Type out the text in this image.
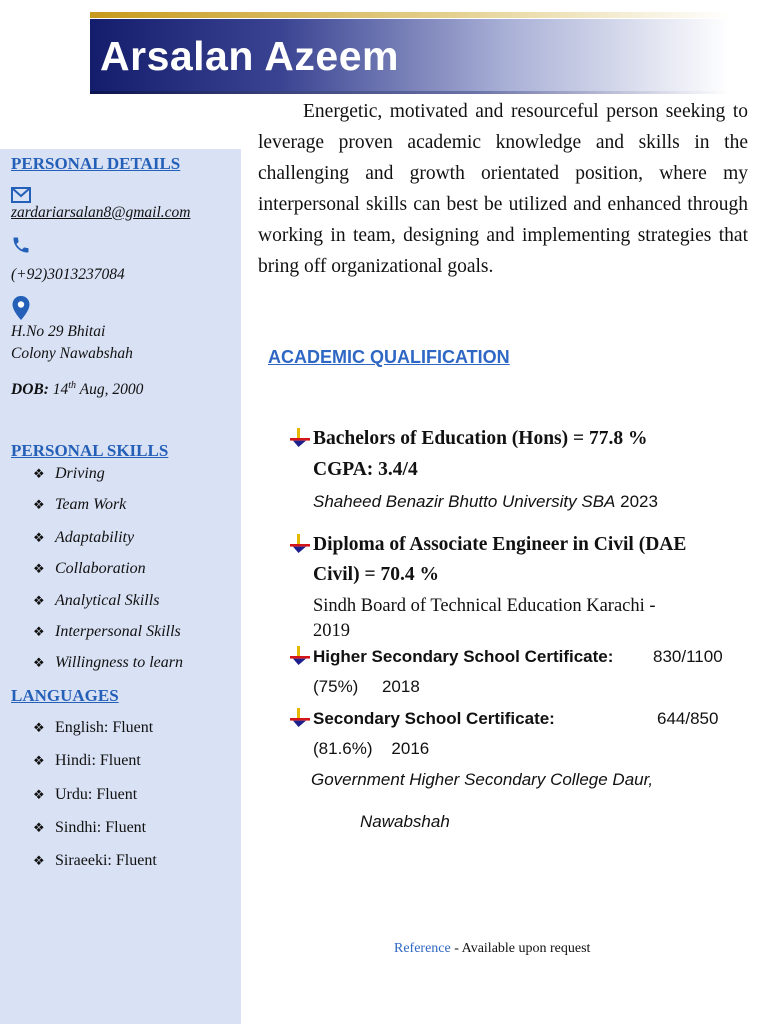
Arsalan Azeem
PERSONAL DETAILS
zardariarsalan8@gmail.com
(+92)3013237084
H.No 29 Bhitai
Colony Nawabshah
DOB: 14th Aug, 2000
PERSONAL SKILLS
❖ Driving
❖ Team Work
❖ Adaptability
❖ Collaboration
❖ Analytical Skills
❖ Interpersonal Skills
❖ Willingness to learn
LANGUAGES
❖ English: Fluent
❖ Hindi: Fluent
❖ Urdu: Fluent
❖ Sindhi: Fluent
❖ Siraeeki: Fluent

Energetic, motivated and resourceful person seeking to leverage proven academic knowledge and skills in the challenging and growth orientated position, where my interpersonal skills can best be utilized and enhanced through working in team, designing and implementing strategies that bring off organizational goals.

ACADEMIC QUALIFICATION
Bachelors of Education (Hons) = 77.8 %
CGPA: 3.4/4
Shaheed Benazir Bhutto University SBA 2023
Diploma of Associate Engineer in Civil (DAE
Civil) = 70.4 %
Sindh Board of Technical Education Karachi -
2019
Higher Secondary School Certificate: 830/1100
(75%)     2018
Secondary School Certificate:	644/850
(81.6%)    2016
Government Higher Secondary College Daur,
Nawabshah
Reference - Available upon request
